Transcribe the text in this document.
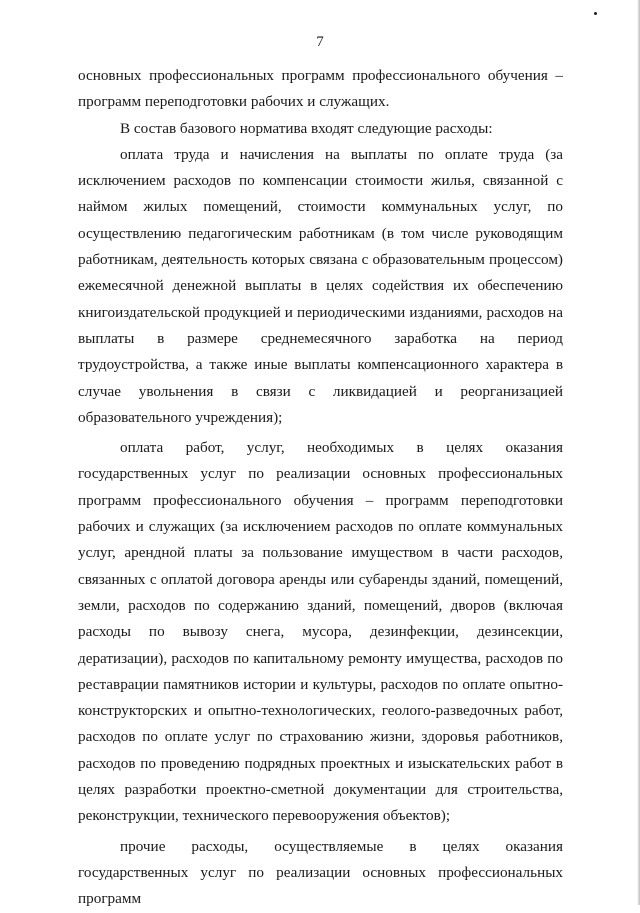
7

основных профессиональных программ профессионального обучения – программ переподготовки рабочих и служащих.

В состав базового норматива входят следующие расходы:

оплата труда и начисления на выплаты по оплате труда (за исключением расходов по компенсации стоимости жилья, связанной с наймом жилых помещений, стоимости коммунальных услуг, по осуществлению педагогическим работникам (в том числе руководящим работникам, деятельность которых связана с образовательным процессом) ежемесячной денежной выплаты в целях содействия их обеспечению книгоиздательской продукцией и периодическими изданиями, расходов на выплаты в размере среднемесячного заработка на период трудоустройства, а также иные выплаты компенсационного характера в случае увольнения в связи с ликвидацией и реорганизацией образовательного учреждения);

оплата работ, услуг, необходимых в целях оказания государственных услуг по реализации основных профессиональных программ профессионального обучения – программ переподготовки рабочих и служащих (за исключением расходов по оплате коммунальных услуг, арендной платы за пользование имуществом в части расходов, связанных с оплатой договора аренды или субаренды зданий, помещений, земли, расходов по содержанию зданий, помещений, дворов (включая расходы по вывозу снега, мусора, дезинфекции, дезинсекции, дератизации), расходов по капитальному ремонту имущества, расходов по реставрации памятников истории и культуры, расходов по оплате опытно-конструкторских и опытно-технологических, геолого-разведочных работ, расходов по оплате услуг по страхованию жизни, здоровья работников, расходов по проведению подрядных проектных и изыскательских работ в целях разработки проектно-сметной документации для строительства, реконструкции, технического перевооружения объектов);

прочие расходы, осуществляемые в целях оказания государственных услуг по реализации основных профессиональных программ
